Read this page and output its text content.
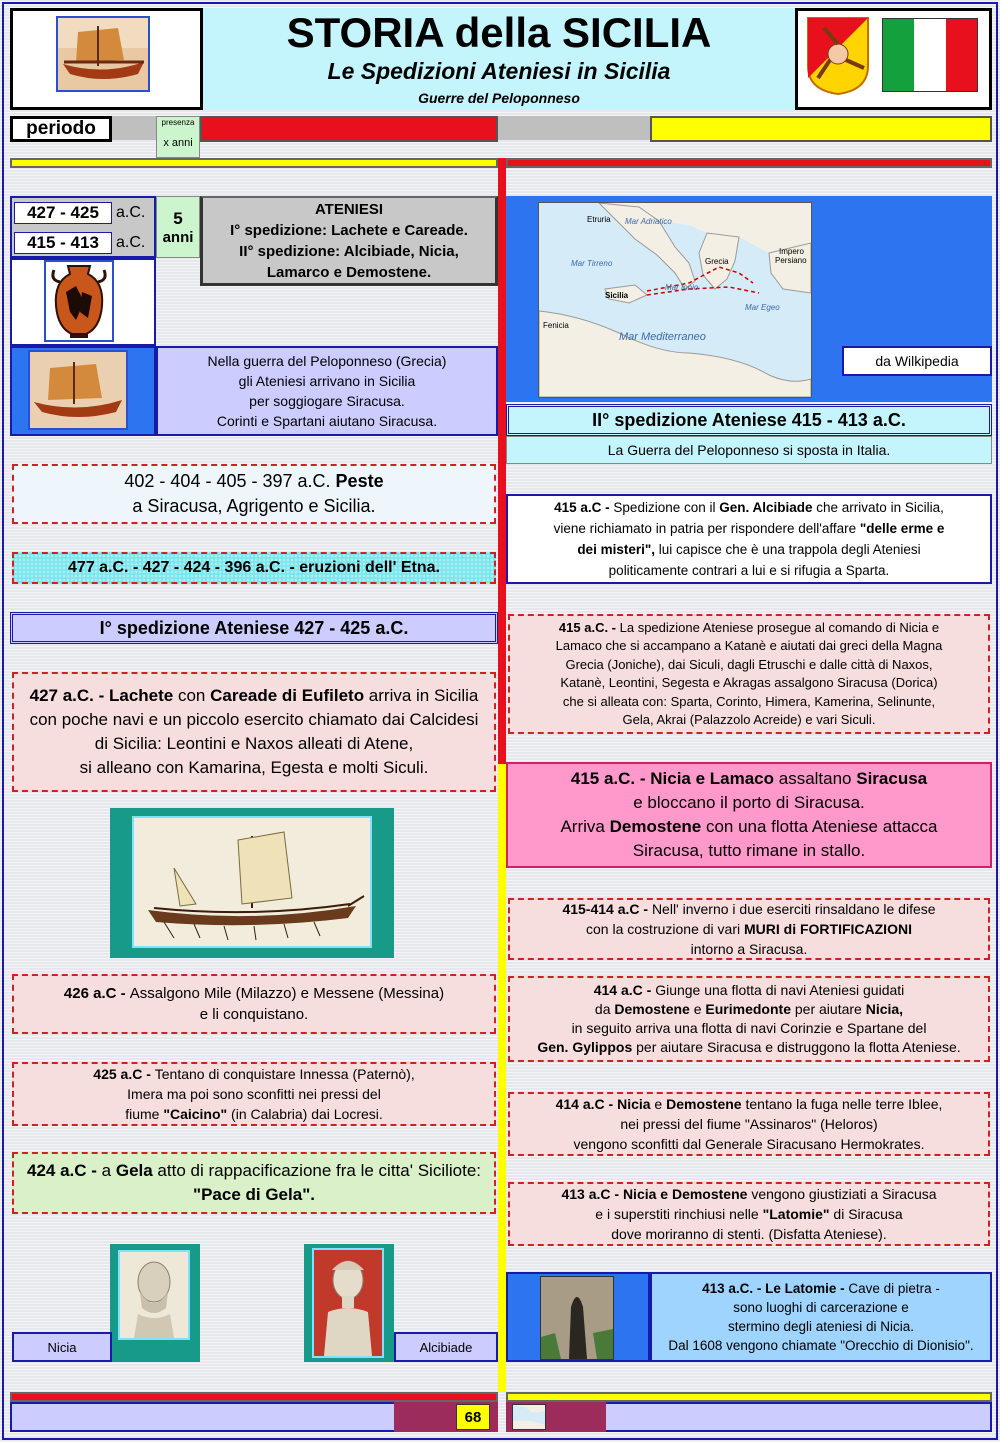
STORIA della SICILIA
Le Spedizioni Ateniesi in Sicilia
Guerre del Peloponneso
periodo	presenza
x anni
427 - 425	a.C.
415 - 413	a.C.
5
anni
ATENIESI
I° spedizione: Lachete e Careade.
II° spedizione: Alcibiade, Nicia,
Lamarco e Demostene.
Nella guerra del Peloponneso (Grecia)
gli Ateniesi arrivano in Sicilia
per soggiogare Siracusa.
Corinti e Spartani aiutano Siracusa.
402 - 404 - 405 - 397 a.C. Peste
a Siracusa, Agrigento e Sicilia.
477 a.C. - 427 - 424 - 396 a.C. - eruzioni dell' Etna.
I° spedizione Ateniese 427 - 425 a.C.
427 a.C. - Lachete con Careade di Eufileto arriva in Sicilia
con poche navi e un piccolo esercito chiamato dai Calcidesi
di Sicilia: Leontini e Naxos alleati di Atene,
si alleano con Kamarina, Egesta e molti Siculi.
426 a.C - Assalgono Mile (Milazzo) e Messene (Messina)
e li conquistano.
425 a.C - Tentano di conquistare Innessa (Paternò),
Imera ma poi sono sconfitti nei pressi del
fiume "Caicino" (in Calabria) dai Locresi.
424 a.C - a Gela atto di rappacificazione fra le citta' Siciliote:
"Pace di Gela".
Nicia	Alcibiade
Etruria Mar Adriatico
Grecia
Impero
Persiano
Mar Tirreno
Mar Ionio
Mar Egeo
Sicilia
Fenicia
Mar Mediterraneo
da Wilkipedia
II° spedizione Ateniese 415 - 413 a.C.
La Guerra del Peloponneso si sposta in Italia.
415 a.C - Spedizione con il Gen. Alcibiade che arrivato in Sicilia,
viene richiamato in patria per rispondere dell'affare "delle erme e
dei misteri", lui capisce che è una trappola degli Ateniesi
politicamente contrari a lui e si rifugia a Sparta.
415 a.C. - La spedizione Ateniese prosegue al comando di Nicia e
Lamaco che si accampano a Katanè e aiutati dai greci della Magna
Grecia (Joniche), dai Siculi, dagli Etruschi e dalle città di Naxos,
Katanè, Leontini, Segesta e Akragas assalgono Siracusa (Dorica)
che si alleata con: Sparta, Corinto, Himera, Kamerina, Selinunte,
Gela, Akrai (Palazzolo Acreide) e vari Siculi.
415 a.C. - Nicia e Lamaco assaltano Siracusa
e bloccano il porto di Siracusa.
Arriva Demostene con una flotta Ateniese attacca
Siracusa, tutto rimane in stallo.
415-414 a.C - Nell' inverno i due eserciti rinsaldano le difese
con la costruzione di vari MURI di FORTIFICAZIONI
intorno a Siracusa.
414 a.C - Giunge una flotta di navi Ateniesi guidati
da Demostene e Eurimedonte per aiutare Nicia,
in seguito arriva una flotta di navi Corinzie e Spartane del
Gen. Gylippos per aiutare Siracusa e distruggono la flotta Ateniese.
414 a.C - Nicia e Demostene tentano la fuga nelle terre Iblee,
nei pressi del fiume "Assinaros" (Heloros)
vengono sconfitti dal Generale Siracusano Hermokrates.
413 a.C - Nicia e Demostene vengono giustiziati a Siracusa
e i superstiti rinchiusi nelle "Latomie" di Siracusa
dove moriranno di stenti. (Disfatta Ateniese).
413 a.C. - Le Latomie - Cave di pietra -
sono luoghi di carcerazione e
stermino degli ateniesi di Nicia.
Dal 1608 vengono chiamate "Orecchio di Dionisio".
68
